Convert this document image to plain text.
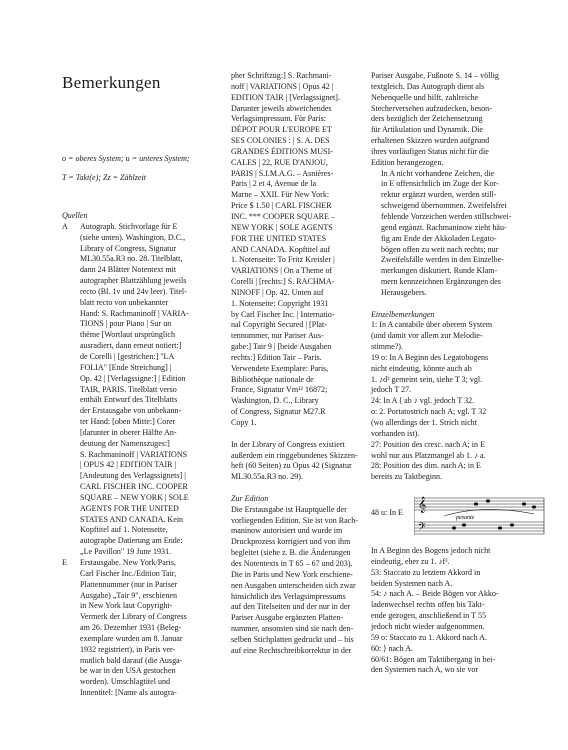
Bemerkungen

o = oberes System; u = unteres System;

T = Takt(e); Zz = Zählzeit

Quellen

A Autograph. Stichvorlage für E

(siehe unten). Washington, D.C.,

Library of Congress, Signatur

ML30.55a.R3 no. 28. Titelblatt,

dann 24 Blätter Notentext mit

autographer Blattzählung jeweils

recto (Bl. 1v und 24v leer). Titel-

blatt recto von unbekannter

Hand: S. Rachmaninoff | VARIA-

TIONS | pour Piano | Sur un

thème [Wortlaut ursprünglich

ausradiert, dann erneut notiert:]

de Corelli | [gestrichen:] "LA

FOLIA" [Ende Streichung] |

Op. 42 | [Verlagssigne:] | Edition

TAIR, PARIS. Titelblatt verso

enthält Entwurf des Titelblatts

der Erstausgabe von unbekann-

ter Hand: [oben Mitte:] Corer

[darunter in oberer Hälfte An-

deutung der Namenszuges:]

S. Rachmaninoff | VARIATIONS

| OPUS 42 | EDITION TAIR |

[Andeutung des Verlagssignets] |

CARL FISCHER INC. COOPER

SQUARE – NEW YORK | SOLE

AGENTS FOR THE UNITED

STATES AND CANADA. Kein

Kopftitel auf 1. Notenseite,

autographe Datierung am Ende:

„Le Pavillon" 19 June 1931.

E Erstausgabe. New York/Paris,

Carl Fischer Inc./Edition Tair,

Plattennummer (nur in Pariser

Ausgabe) „Tair 9", erschienen

in New York laut Copyright-

Vermerk der Library of Congress

am 26. Dezember 1931 (Beleg-

exemplare wurden am 8. Januar

1932 registriert), in Paris ver-

mutlich bald darauf (die Ausga-

be war in den USA gestochen

worden). Umschlagtitel und

Innentitel: [Name als autogra-

pher Schriftzug:] S. Rachmani-

noff | VARIATIONS | Opus 42 |

EDITION TAIR | [Verlagssignet].

Darunter jeweils abweichendes

Verlagsimpressum. Für Paris:

DÉPOT POUR L'EUROPE ET

SES COLONIES : | S. A. DES

GRANDES ÉDITIONS MUSI-

CALES | 22, RUE D'ANJOU,

PARIS | S.I.M.A.G. – Asnières-

Paris | 2 et 4, Avenue de la

Marne – XXII. Für New York:

Price $ 1.50 | CARL FISCHER

INC. *** COOPER SQUARE –

NEW YORK | SOLE AGENTS

FOR THE UNITED STATES

AND CANADA. Kopftitel auf

1. Notenseite: To Fritz Kreisler |

VARIATIONS | On a Theme of

Corelli | [rechts:] S. RACHMA-

NINOFF | Op. 42. Unten auf

1. Notenseite: Copyright 1931

by Carl Fischer Inc. | Internatio-

nal Copyright Secured | [Plat-

tennummer, nur Pariser Aus-

gabe:] Tair 9 | [beide Ausgaben

rechts:] Edition Tair – Paris.

Verwendete Exemplare: Paris,

Bibliothèque nationale de

France, Signatur Vm¹² 16872;

Washington, D. C., Library

of Congress, Signatur M27.R

Copy 1.

In der Library of Congress existiert

außerdem ein ringgebundenes Skizzen-

heft (60 Seiten) zu Opus 42 (Signatur

ML30.55a.R3 no. 29).

Zur Edition

Die Erstausgabe ist Hauptquelle der

vorliegenden Edition. Sie ist von Rach-

maninow autorisiert und wurde im

Druckprozess korrigiert und von ihm

begleitet (siehe z. B. die Änderungen

des Notentexts in T 65 – 67 und 203).

Die in Paris und New York erschiene-

nen Ausgaben unterscheiden sich zwar

hinsichtlich des Verlagsimpressums

auf den Titelseiten und der nur in der

Pariser Ausgabe ergänzten Platten-

nummer, ansonsten sind sie nach den-

selben Stichplatten gedruckt und – bis

auf eine Rechtschreibkorrektur in der

Pariser Ausgabe, Fußnote S. 14 – völlig

textgleich. Das Autograph dient als

Nebenquelle und hilft, zahlreiche

Stecherversehen aufzudecken, beson-

ders bezüglich der Zeichensetzung

für Artikulation und Dynamik. Die

erhaltenen Skizzen wurden aufgrund

ihres vorläufigen Status nicht für die

Edition herangezogen.

In A nicht vorhandene Zeichen, die

in E offensichtlich im Zuge der Kor-

rektur ergänzt wurden, werden still-

schweigend übernommen. Zweifelsfrei

fehlende Vorzeichen werden stillschwei-

gend ergänzt. Rachmaninow zieht häu-

fig am Ende der Akkoladen Legato-

bögen offen zu weit nach rechts; nur

Zweifelsfälle werden in den Einzelbe-

merkungen diskutiert. Runde Klam-

mern kennzeichnen Ergänzungen des

Herausgebers.

Einzelbemerkungen

1: In A cantabile über oberem System

(und damit vor allem zur Melodie-

stimme?).

19 o: In A Beginn des Legatobogens

nicht eindeutig, könnte auch ab

1. ♪d³ gemeint sein, siehe T 3; vgl.

jedoch T 27.

24: In A ⟨ ab ♪ vgl. jedoch T 32.

o: 2. Portatostrich nach A; vgl. T 32

(wo allerdings der 1. Strich nicht

vorhanden ist).

27: Position des cresc. nach A; in E

wohl nur aus Platzmangel ab 1. ♪ a.

28: Position des dim. nach A; in E

bereits zu Taktbeginn.

48 u: In E 𝄞
𝄢
pesante

In A Beginn des Bogens jedoch nicht

eindeutig, eher zu 1. ♪f³.

53: Staccato zu letztem Akkord in

beiden Systemen nach A.

54: ♪ nach A. – Beide Bögen vor Akko-

ladenwechsel rechts offen bis Takt-

ende gezogen, anschließend in T 55

jedoch nicht wieder aufgenommen.

59 o: Staccato zu 1. Akkord nach A.

60: ⟩ nach A.

60/61: Bögen am Taktübergang in bei-

den Systemen nach A, wo sie vor
